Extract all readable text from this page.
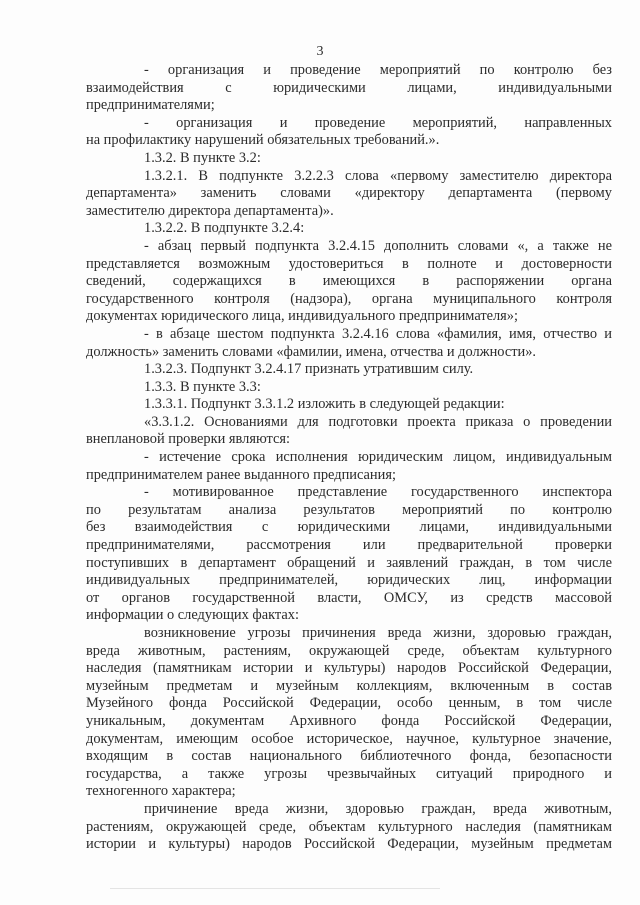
3
- организация и проведение мероприятий по контролю без
взаимодействия с юридическими лицами, индивидуальными
предпринимателями;
- организация и проведение мероприятий, направленных
на профилактику нарушений обязательных требований.».
1.3.2. В пункте 3.2:
1.3.2.1. В подпункте 3.2.2.3 слова «первому заместителю директора
департамента» заменить словами «директору департамента (первому
заместителю директора департамента)».
1.3.2.2. В подпункте 3.2.4:
- абзац первый подпункта 3.2.4.15 дополнить словами «, а также не
представляется возможным удостовериться в полноте и достоверности
сведений, содержащихся в имеющихся в распоряжении органа
государственного контроля (надзора), органа муниципального контроля
документах юридического лица, индивидуального предпринимателя»;
- в абзаце шестом подпункта 3.2.4.16 слова «фамилия, имя, отчество и
должность» заменить словами «фамилии, имена, отчества и должности».
1.3.2.3. Подпункт 3.2.4.17 признать утратившим силу.
1.3.3. В пункте 3.3:
1.3.3.1. Подпункт 3.3.1.2 изложить в следующей редакции:
«3.3.1.2. Основаниями для подготовки проекта приказа о проведении
внеплановой проверки являются:
- истечение срока исполнения юридическим лицом, индивидуальным
предпринимателем ранее выданного предписания;
- мотивированное представление государственного инспектора
по результатам анализа результатов мероприятий по контролю
без взаимодействия с юридическими лицами, индивидуальными
предпринимателями, рассмотрения или предварительной проверки
поступивших в департамент обращений и заявлений граждан, в том числе
индивидуальных предпринимателей, юридических лиц, информации
от органов государственной власти, ОМСУ, из средств массовой
информации о следующих фактах:
возникновение угрозы причинения вреда жизни, здоровью граждан,
вреда животным, растениям, окружающей среде, объектам культурного
наследия (памятникам истории и культуры) народов Российской Федерации,
музейным предметам и музейным коллекциям, включенным в состав
Музейного фонда Российской Федерации, особо ценным, в том числе
уникальным, документам Архивного фонда Российской Федерации,
документам, имеющим особое историческое, научное, культурное значение,
входящим в состав национального библиотечного фонда, безопасности
государства, а также угрозы чрезвычайных ситуаций природного и
техногенного характера;
причинение вреда жизни, здоровью граждан, вреда животным,
растениям, окружающей среде, объектам культурного наследия (памятникам
истории и культуры) народов Российской Федерации, музейным предметам
